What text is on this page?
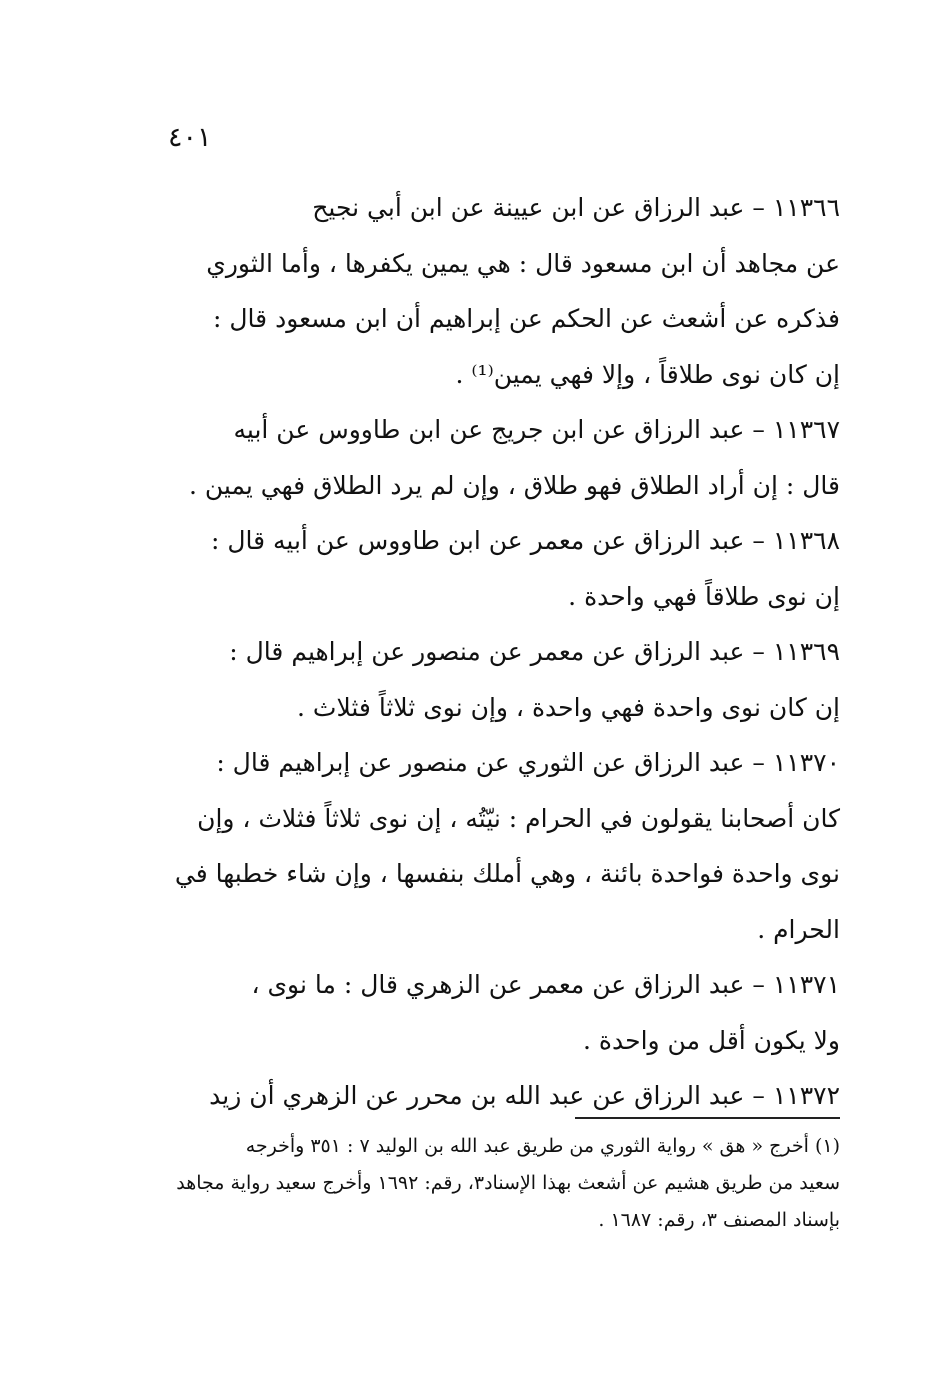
٤٠١

١١٣٦٦ – عبد الرزاق عن ابن عيينة عن ابن أبي نجيح
عن مجاهد أن ابن مسعود قال : هي يمين يكفرها ، وأما الثوري
فذكره عن أشعث عن الحكم عن إبراهيم أن ابن مسعود قال :
إن كان نوى طلاقاً ، وإلا فهي يمين⁽¹⁾ .

١١٣٦٧ – عبد الرزاق عن ابن جريج عن ابن طاووس عن أبيه
قال : إن أراد الطلاق فهو طلاق ، وإن لم يرد الطلاق فهي يمين .

١١٣٦٨ – عبد الرزاق عن معمر عن ابن طاووس عن أبيه قال :
إن نوى طلاقاً فهي واحدة .

١١٣٦٩ – عبد الرزاق عن معمر عن منصور عن إبراهيم قال :
إن كان نوى واحدة فهي واحدة ، وإن نوى ثلاثاً فثلاث .

١١٣٧٠ – عبد الرزاق عن الثوري عن منصور عن إبراهيم قال :
كان أصحابنا يقولون في الحرام : نيّتُه ، إن نوى ثلاثاً فثلاث ، وإن
نوى واحدة فواحدة بائنة ، وهي أملك بنفسها ، وإن شاء خطبها في
الحرام .

١١٣٧١ – عبد الرزاق عن معمر عن الزهري قال : ما نوى ،
ولا يكون أقل من واحدة .

١١٣٧٢ – عبد الرزاق عن عبد الله بن محرر عن الزهري أن زيد

(١) أخرج « هق » رواية الثوري من طريق عبد الله بن الوليد ٧ : ٣٥١ وأخرجه
سعيد من طريق هشيم عن أشعث بهذا الإسناد٣، رقم: ١٦٩٢ وأخرج سعيد رواية مجاهد
بإسناد المصنف ٣، رقم: ١٦٨٧ .
